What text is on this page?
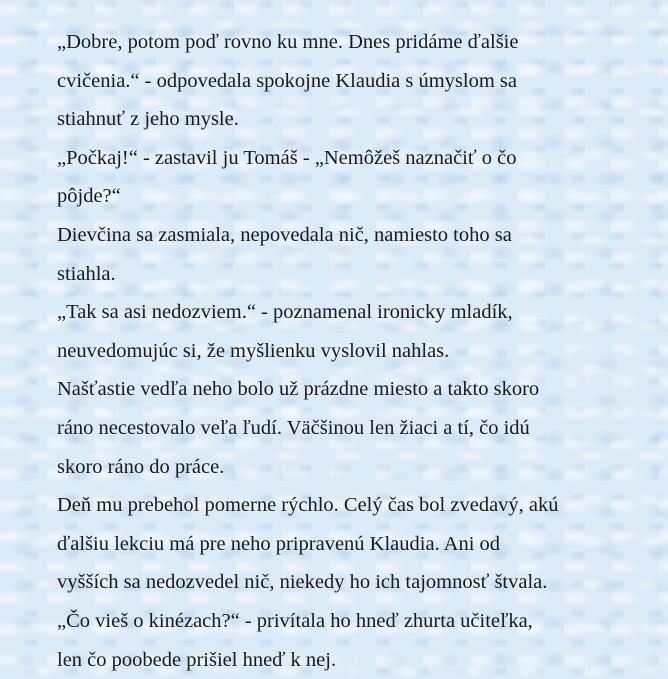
„Dobre, potom poď rovno ku mne. Dnes pridáme ďalšie
cvičenia.“ - odpovedala spokojne Klaudia s úmyslom sa
stiahnuť z jeho mysle.
„Počkaj!“ - zastavil ju Tomáš - „Nemôžeš naznačiť o čo
pôjde?“
Dievčina sa zasmiala, nepovedala nič, namiesto toho sa
stiahla.
„Tak sa asi nedozviem.“ - poznamenal ironicky mladík,
neuvedomujúc si, že myšlienku vyslovil nahlas.
Našťastie vedľa neho bolo už prázdne miesto a takto skoro
ráno necestovalo veľa ľudí. Väčšinou len žiaci a tí, čo idú
skoro ráno do práce.
Deň mu prebehol pomerne rýchlo. Celý čas bol zvedavý, akú
ďalšiu lekciu má pre neho pripravenú Klaudia. Ani od
vyšších sa nedozvedel nič, niekedy ho ich tajomnosť štvala.
„Čo vieš o kinézach?“ - privítala ho hneď zhurta učiteľka,
len čo poobede prišiel hneď k nej.
